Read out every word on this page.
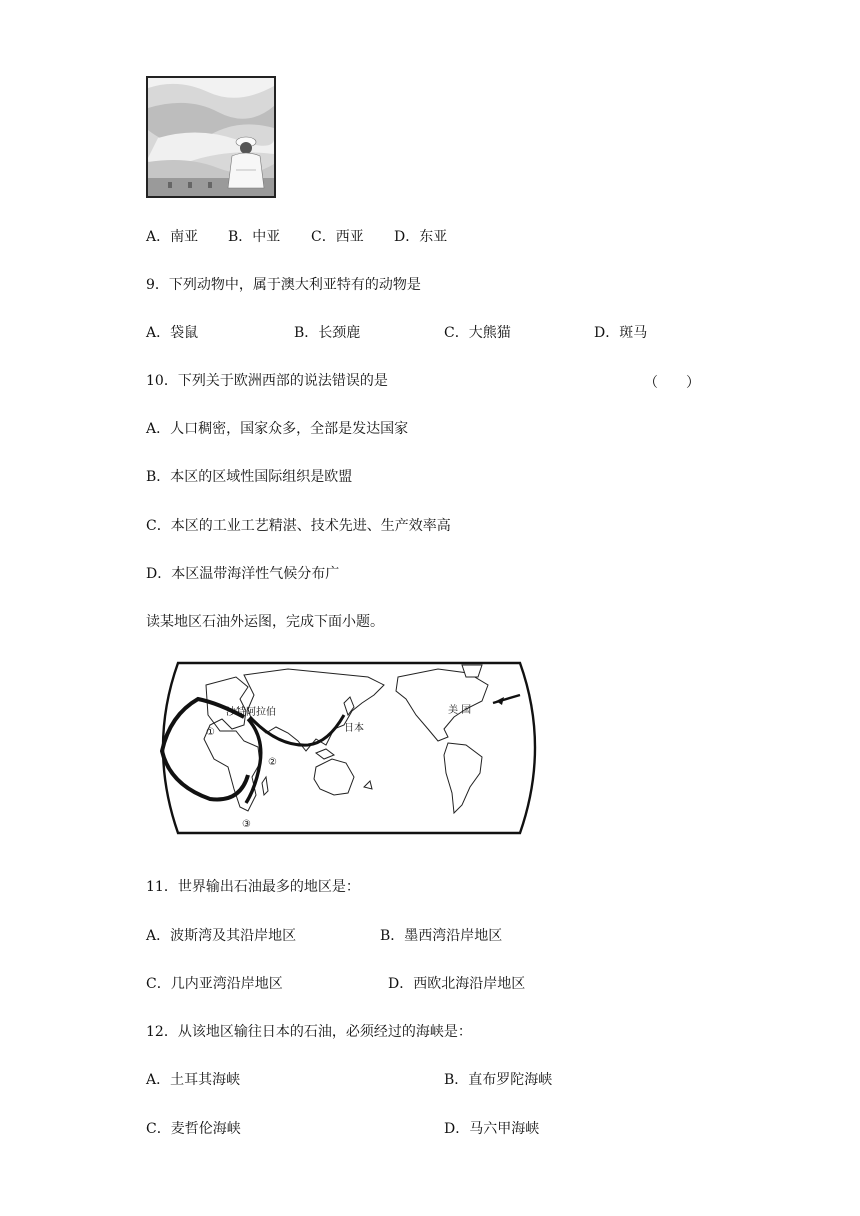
A．南亚 B．中亚 C．西亚 D．东亚
9．下列动物中，属于澳大利亚特有的动物是
A．袋鼠	B．长颈鹿	C．大熊猫	D．斑马
10．下列关于欧洲西部的说法错误的是	（　　）
A．人口稠密，国家众多，全部是发达国家
B．本区的区域性国际组织是欧盟
C．本区的工业工艺精湛、技术先进、生产效率高
D．本区温带海洋性气候分布广
读某地区石油外运图，完成下面小题。
沙特阿拉伯
日本
美 国
①
②
③
11．世界输出石油最多的地区是：
A．波斯湾及其沿岸地区	B．墨西湾沿岸地区
C．几内亚湾沿岸地区	D．西欧北海沿岸地区
12．从该地区输往日本的石油，必须经过的海峡是：
A．土耳其海峡	B．直布罗陀海峡
C．麦哲伦海峡	D．马六甲海峡
